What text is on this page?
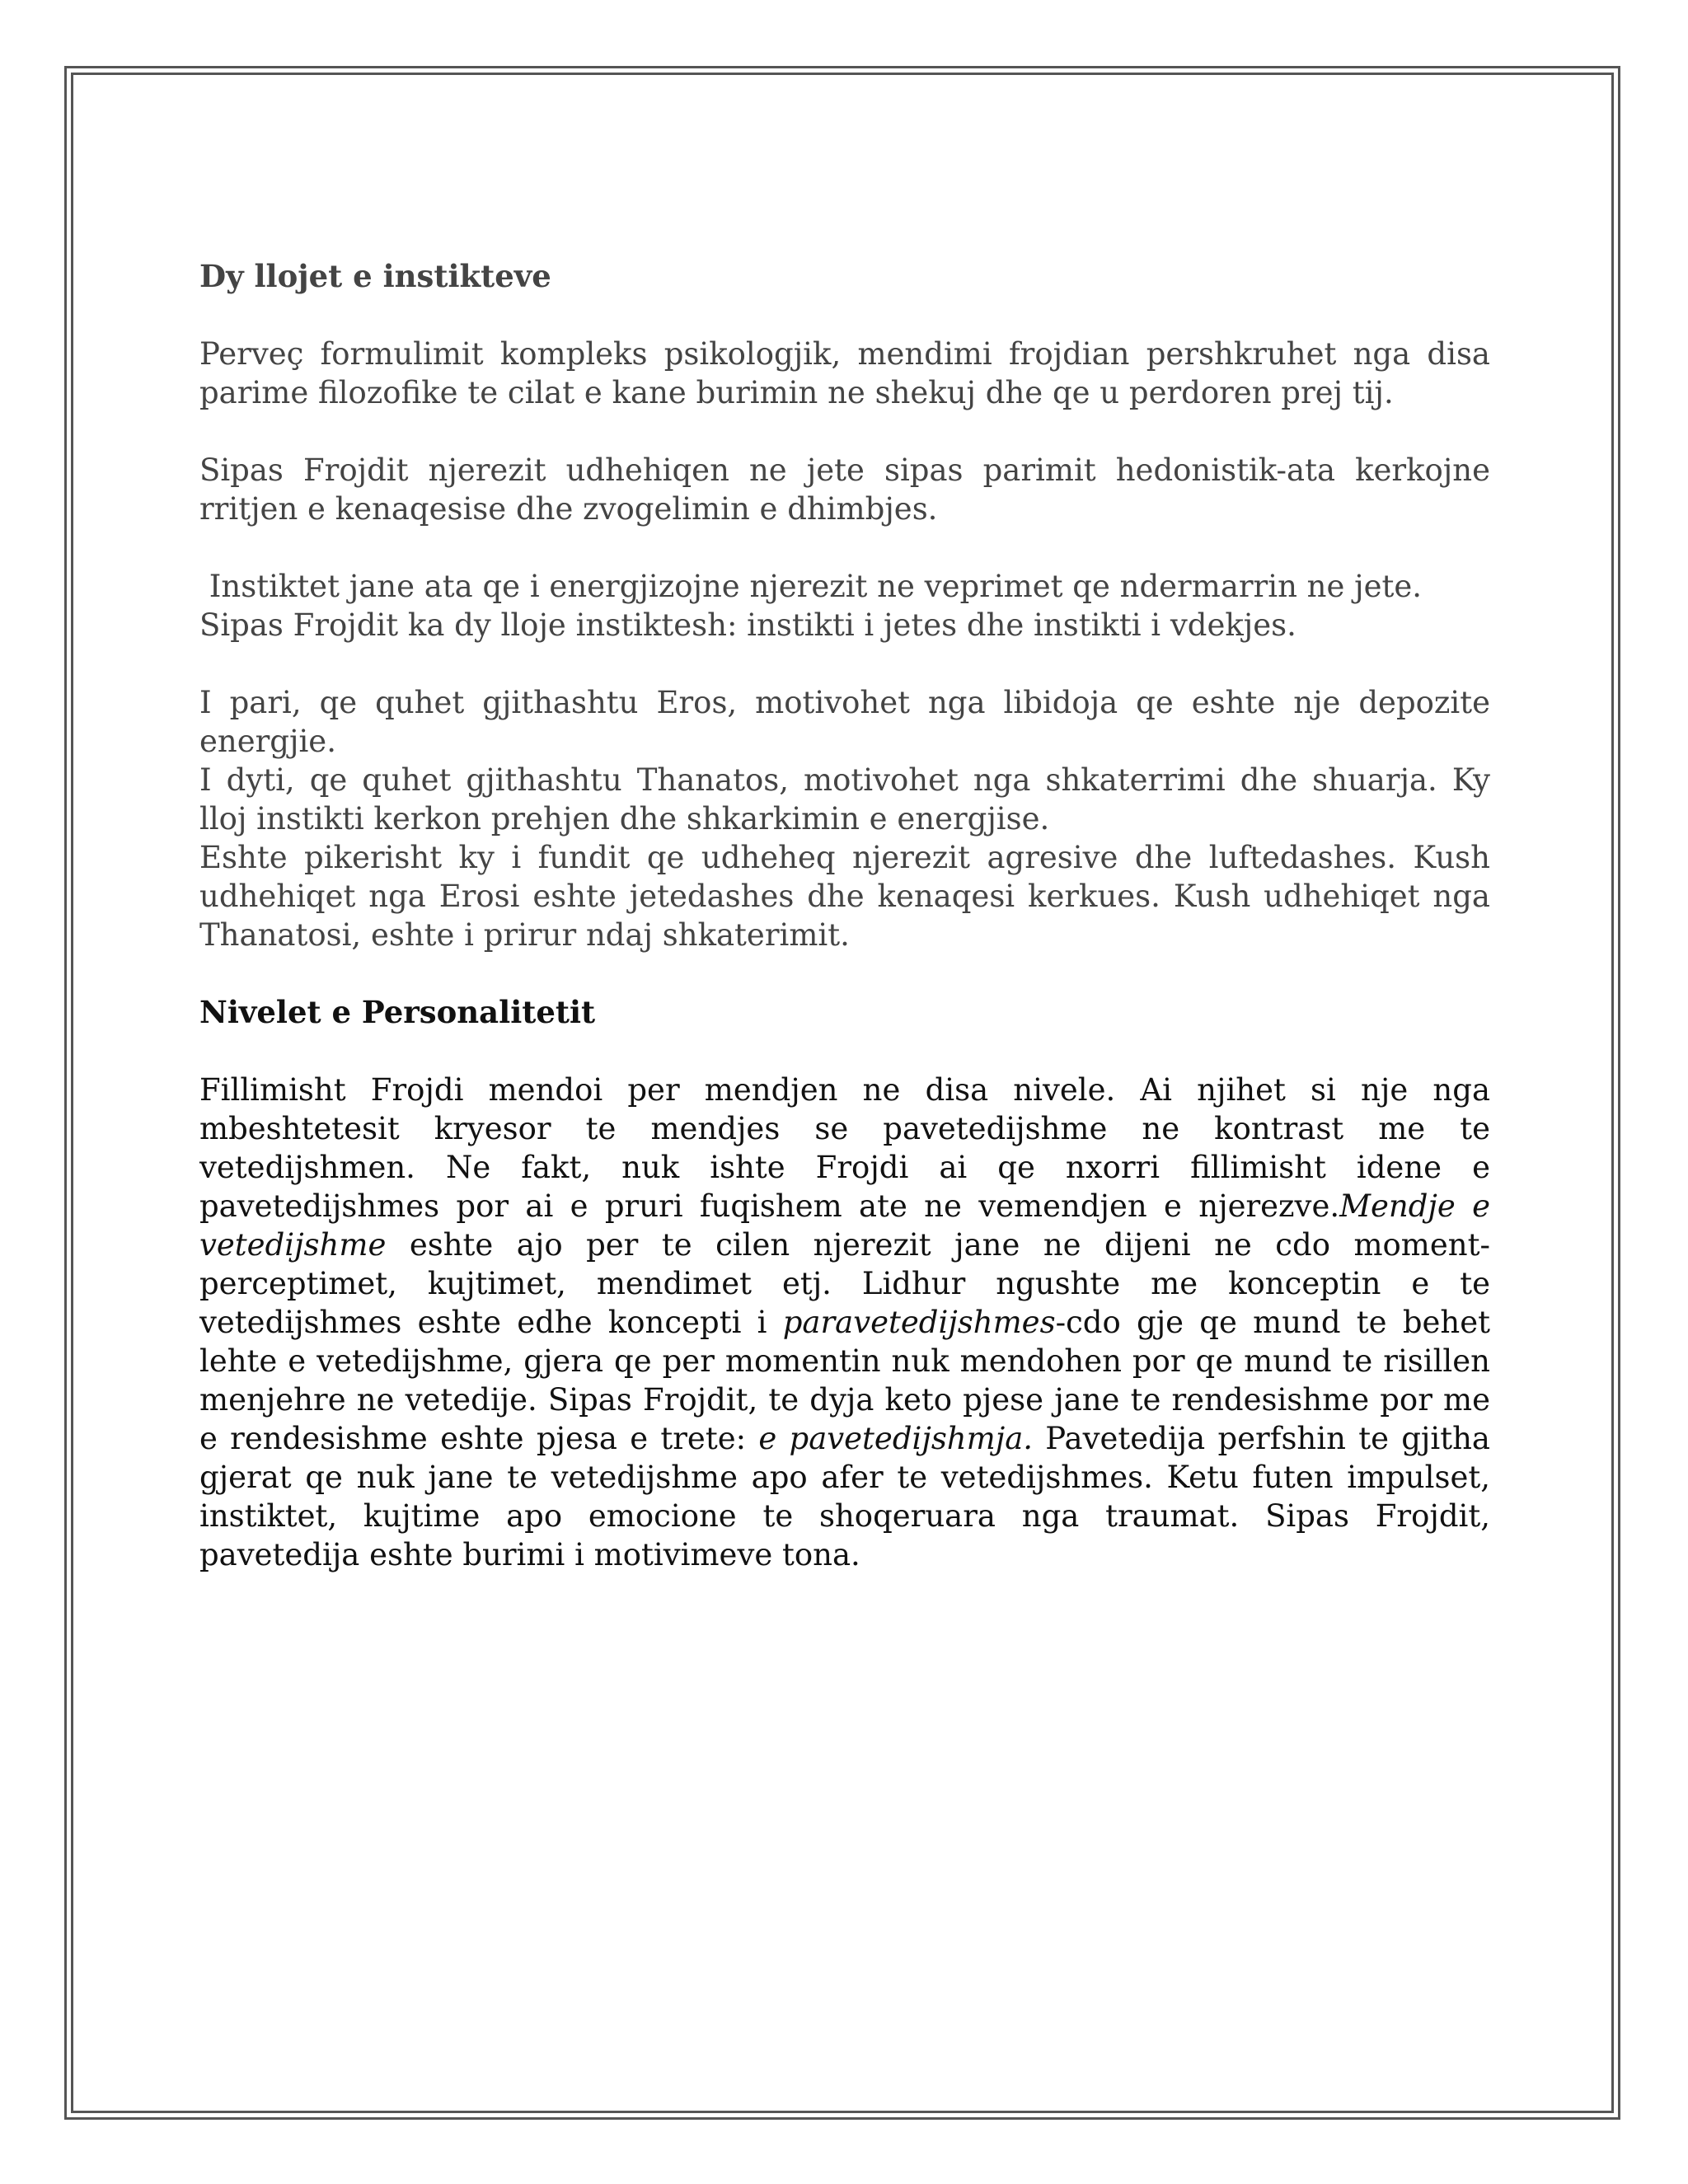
Dy llojet e instikteve
Perveç formulimit kompleks psikologjik, mendimi frojdian pershkruhet nga disa parime filozofike te cilat e kane burimin ne shekuj dhe qe u perdoren prej tij.
Sipas Frojdit njerezit udhehiqen ne jete sipas parimit hedonistik-ata kerkojne rritjen e kenaqesise dhe zvogelimin e dhimbjes.
Instiktet jane ata qe i energjizojne njerezit ne veprimet qe ndermarrin ne jete.
Sipas Frojdit ka dy lloje instiktesh: instikti i jetes dhe instikti i vdekjes.
I pari, qe quhet gjithashtu Eros, motivohet nga libidoja qe eshte nje depozite energjie.
I dyti, qe quhet gjithashtu Thanatos, motivohet nga shkaterrimi dhe shuarja. Ky lloj instikti kerkon prehjen dhe shkarkimin e energjise.
Eshte pikerisht ky i fundit qe udheheq njerezit agresive dhe luftedashes. Kush udhehiqet nga Erosi eshte jetedashes dhe kenaqesi kerkues. Kush udhehiqet nga Thanatosi, eshte i prirur ndaj shkaterimit.
Nivelet e Personalitetit
Fillimisht Frojdi mendoi per mendjen ne disa nivele. Ai njihet si nje nga mbeshtetesit kryesor te mendjes se pavetedijshme ne kontrast me te vetedijshmen. Ne fakt, nuk ishte Frojdi ai qe nxorri fillimisht idene e pavetedijshmes por ai e pruri fuqishem ate ne vemendjen e njerezve.Mendje e vetedijshme eshte ajo per te cilen njerezit jane ne dijeni ne cdo moment-perceptimet, kujtimet, mendimet etj. Lidhur ngushte me konceptin e te vetedijshmes eshte edhe koncepti i paravetedijshmes-cdo gje qe mund te behet lehte e vetedijshme, gjera qe per momentin nuk mendohen por qe mund te risillen menjehre ne vetedije. Sipas Frojdit, te dyja keto pjese jane te rendesishme por me e rendesishme eshte pjesa e trete: e pavetedijshmja. Pavetedija perfshin te gjitha gjerat qe nuk jane te vetedijshme apo afer te vetedijshmes. Ketu futen impulset, instiktet, kujtime apo emocione te shoqeruara nga traumat. Sipas Frojdit, pavetedija eshte burimi i motivimeve tona.
